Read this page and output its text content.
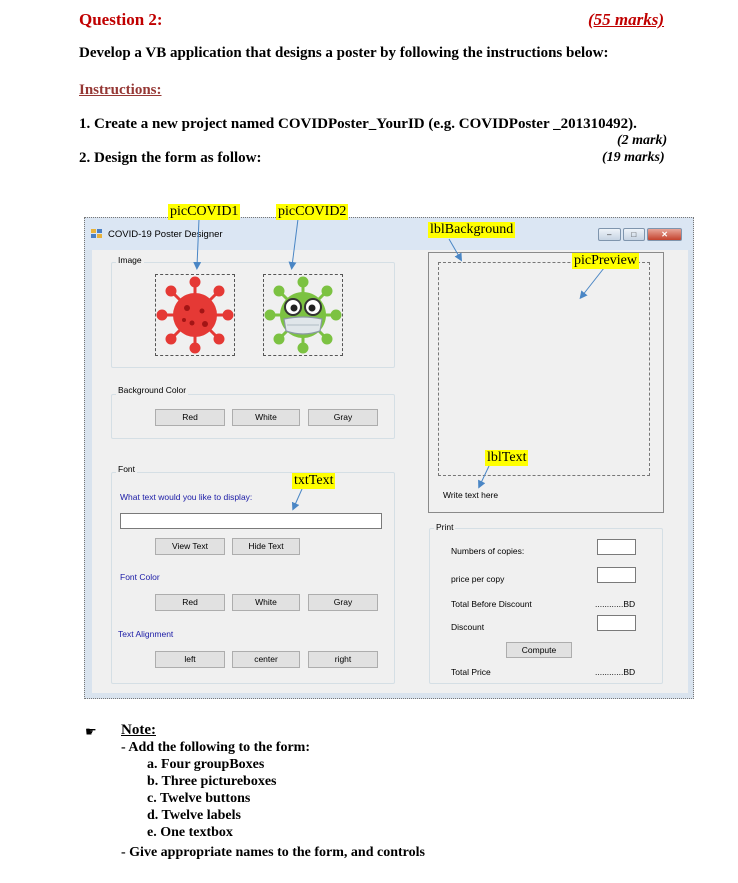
Question 2:	(55 marks)
Develop a VB application that designs a poster by following the instructions below:
Instructions:
1. Create a new project named COVIDPoster_YourID (e.g. COVIDPoster _201310492).
(2 mark)
2. Design the form as follow:	(19 marks)
COVID-19 Poster Designer	–	□	✕
Image
Background Color
Red	White	Gray
Font
What text would you like to display:
View Text	Hide Text
Font Color
Red	White	Gray
Text Alignment
left	center	right
Write text here
Print
Numbers of copies:
price per copy
Total Before Discount	............BD
Discount
Compute
Total Price	............BD
picCOVID1	picCOVID2
lblBackground
picPreview
lblText
txtText
☛ Note:
- Add the following to the form:
a. Four groupBoxes
b. Three pictureboxes
c. Twelve buttons
d. Twelve labels
e. One textbox
- Give appropriate names to the form, and controls
